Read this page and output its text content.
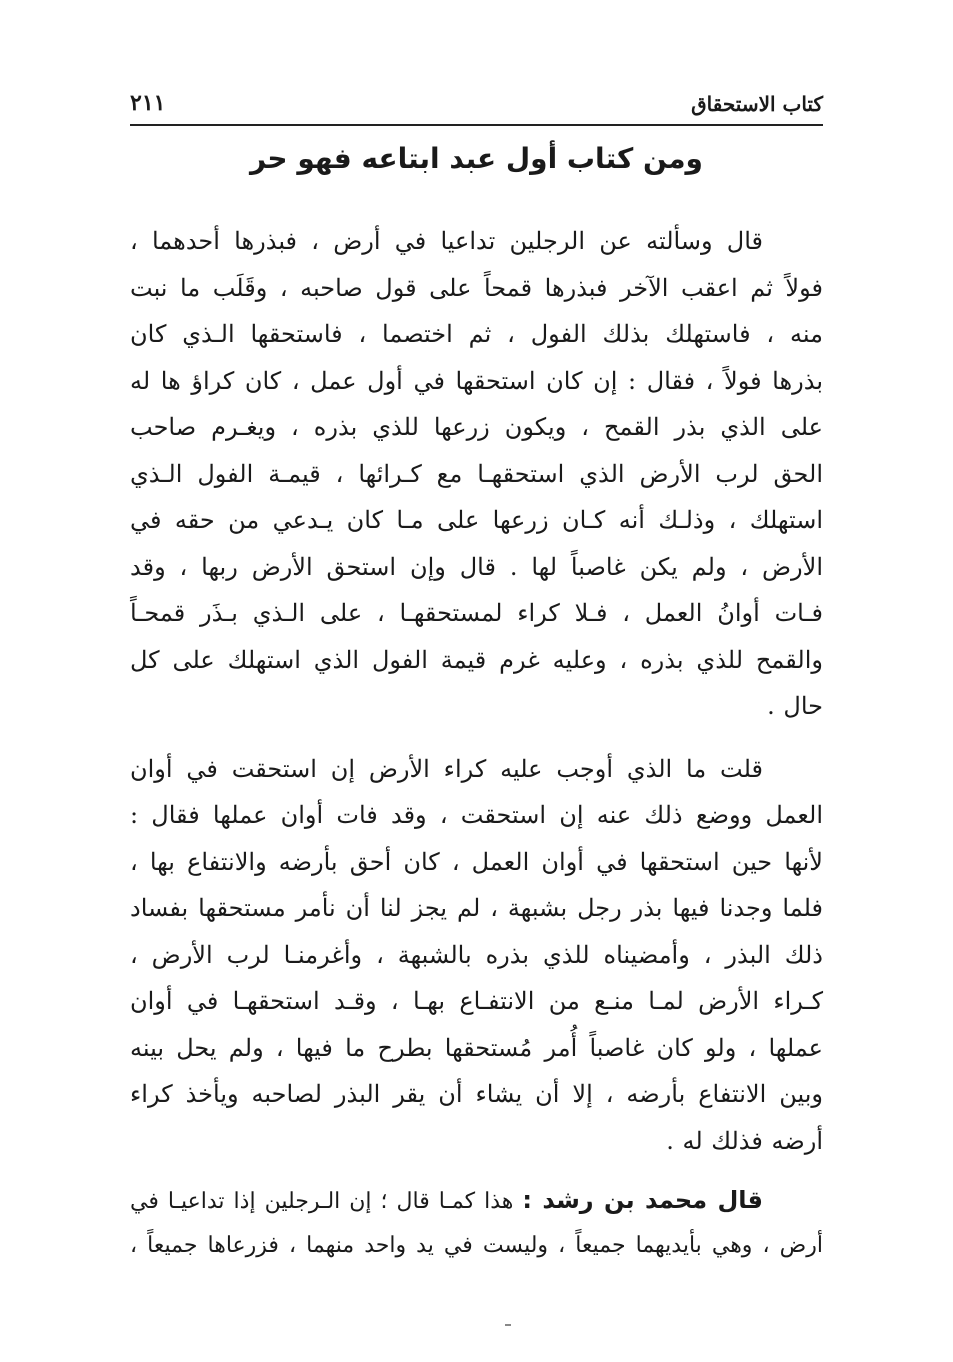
كتاب الاستحقاق
٢١١
ومن كتاب أول عبد ابتاعه فهو حر

قال وسألته عن الرجلين تداعيا في أرض ، فبذرها أحدهما ،
فولاً ثم اعقب الآخر فبذرها قمحاً على قول صاحبه ، وقَلَب ما نبت
منه ، فاستهلك بذلك الفول ، ثم اختصما ، فاستحقها الـذي كان
بذرها فولاً ، فقال : إن كان استحقها في أول عمل ، كان كراؤ ها له
على الذي بذر القمح ، ويكون زرعها للذي بذره ، ويغـرم صاحب
الحق لرب الأرض الذي استحقهـا مع كـرائها ، قيمـة الفول الـذي
استهلك ، وذلـك أنه كـان زرعها على مـا كان يـدعي من حقه في
الأرض ، ولم يكن غاصباً لها . قال وإن استحق الأرض ربها ، وقد
فـات أوانُ العمل ، فـلا كراء لمستحقهـا ، على الـذي بـذَر قمحـاً
والقمح للذي بذره ، وعليه غرم قيمة الفول الذي استهلك على كل
حال .

قلت ما الذي أوجب عليه كراء الأرض إن استحقت في أوان
العمل ووضع ذلك عنه إن استحقت ، وقد فات أوان عملها فقال :
لأنها حين استحقها في أوان العمل ، كان أحق بأرضه والانتفاع بها ،
فلما وجدنا فيها بذر رجل بشبهة ، لم يجز لنا أن نأمر مستحقها بفساد
ذلك البذر ، وأمضيناه للذي بذره بالشبهة ، وأغرمنـا لرب الأرض ،
كـراء الأرض لمـا منـع من الانتفـاع بهـا ، وقـد استحقهـا في أوان
عملها ، ولو كان غاصباً أُمر مُستحقها بطرح ما فيها ، ولم يحل بينه
وبين الانتفاع بأرضه ، إلا أن يشاء أن يقر البذر لصاحبه ويأخذ كراء
أرضه فذلك له .

قال محمد بن رشد : هذا كمـا قال ؛ إن الـرجلين إذا تداعيـا في
أرض ، وهي بأيديهما جميعاً ، وليست في يد واحد منهما ، فزرعاها جميعاً ،
